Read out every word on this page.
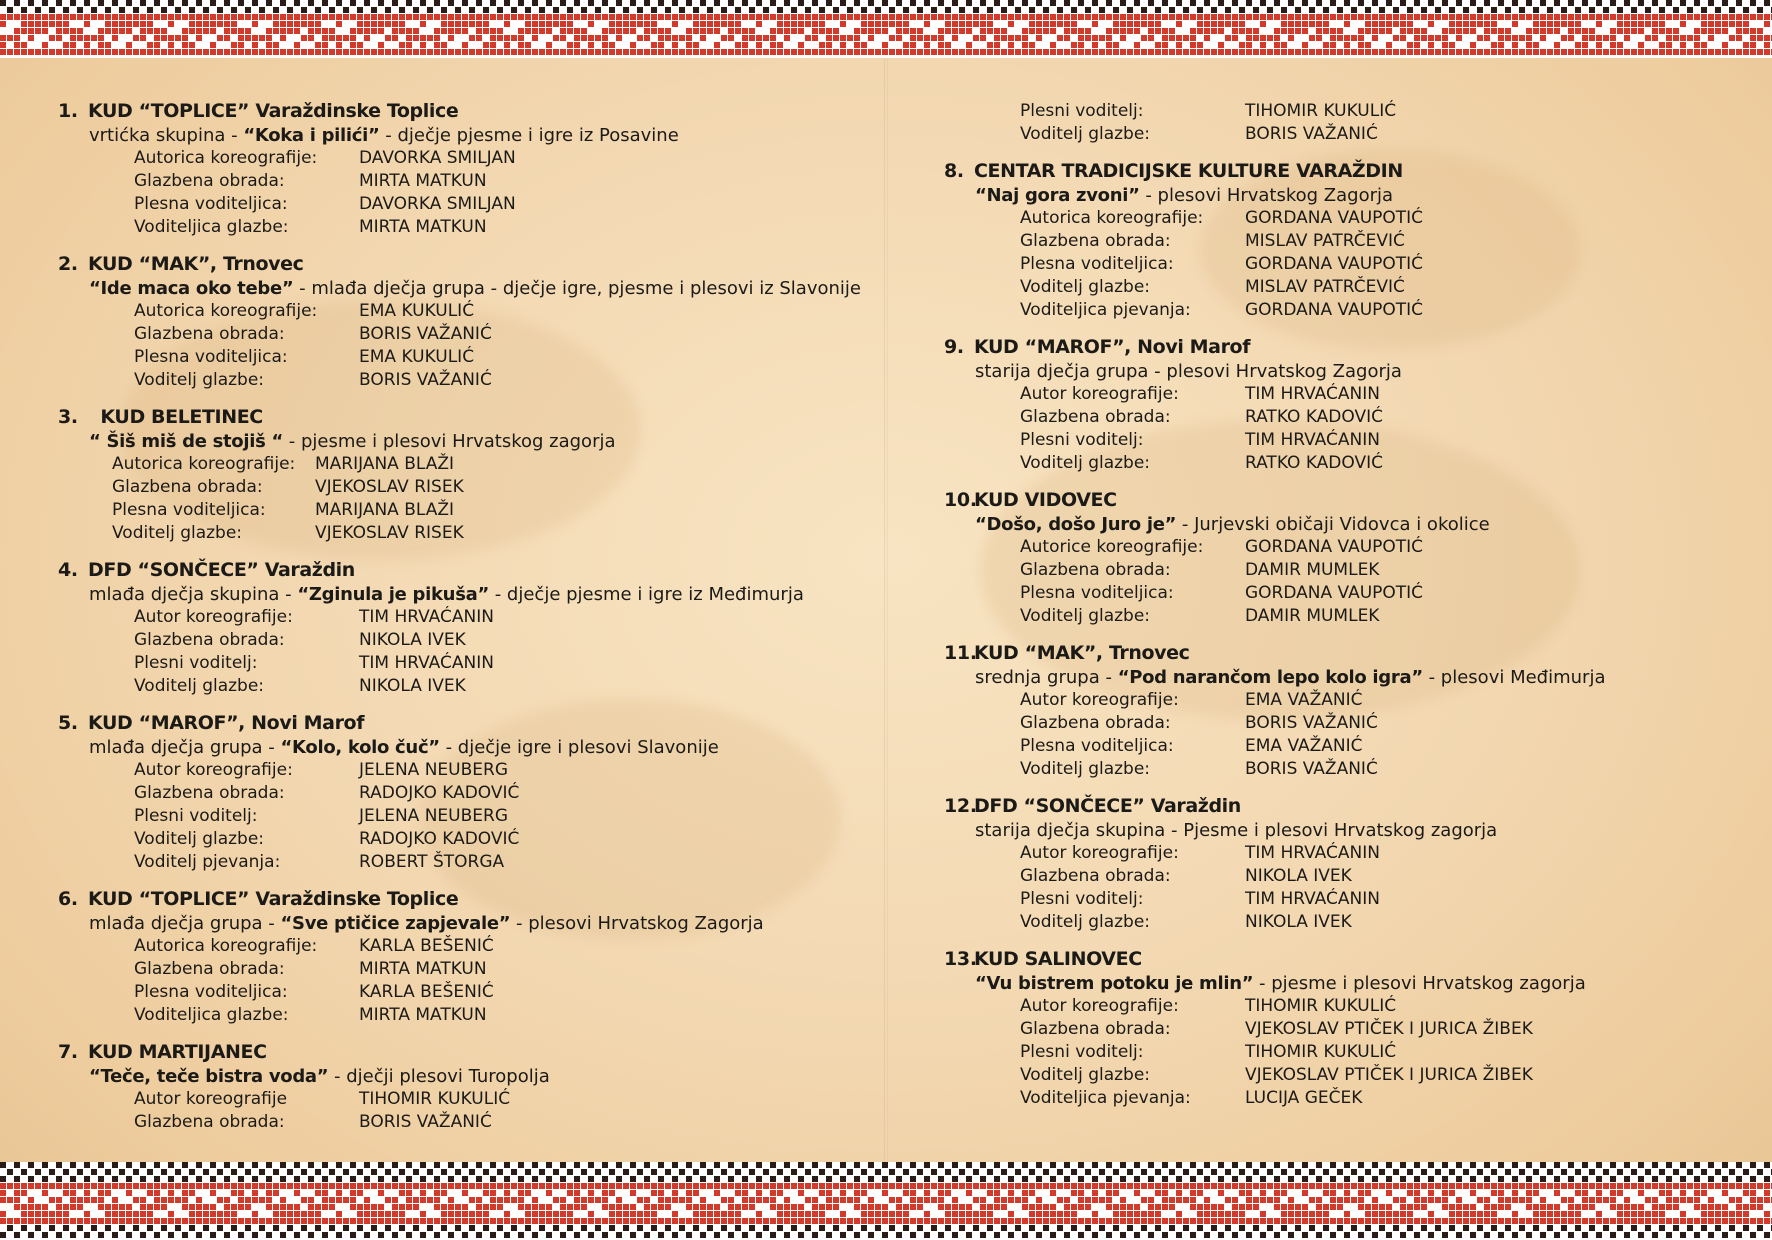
1. KUD “TOPLICE” Varaždinske Toplice
vrtićka skupina - “Koka i pilići” - dječje pjesme i igre iz Posavine
Autorica koreografije:	DAVORKA SMILJAN
Glazbena obrada:	MIRTA MATKUN
Plesna voditeljica:	DAVORKA SMILJAN
Voditeljica glazbe:	MIRTA MATKUN
2. KUD “MAK”, Trnovec
“Ide maca oko tebe” - mlađa dječja grupa - dječje igre, pjesme i plesovi iz Slavonije
Autorica koreografije:	EMA KUKULIĆ
Glazbena obrada:	BORIS VAŽANIĆ
Plesna voditeljica:	EMA KUKULIĆ
Voditelj glazbe:	BORIS VAŽANIĆ
3. KUD BELETINEC
“ Šiš miš de stojiš “ - pjesme i plesovi Hrvatskog zagorja
Autorica koreografije:	MARIJANA BLAŽI
Glazbena obrada:	VJEKOSLAV RISEK
Plesna voditeljica:	MARIJANA BLAŽI
Voditelj glazbe:	VJEKOSLAV RISEK
4. DFD “SONČECE” Varaždin
mlađa dječja skupina - “Zginula je pikuša” - dječje pjesme i igre iz Međimurja
Autor koreografije:	TIM HRVAĆANIN
Glazbena obrada:	NIKOLA IVEK
Plesni voditelj:	TIM HRVAĆANIN
Voditelj glazbe:	NIKOLA IVEK
5. KUD “MAROF”, Novi Marof
mlađa dječja grupa - “Kolo, kolo čuč” - dječje igre i plesovi Slavonije
Autor koreografije:	JELENA NEUBERG
Glazbena obrada:	RADOJKO KADOVIĆ
Plesni voditelj:	JELENA NEUBERG
Voditelj glazbe:	RADOJKO KADOVIĆ
Voditelj pjevanja:	ROBERT ŠTORGA
6. KUD “TOPLICE” Varaždinske Toplice
mlađa dječja grupa - “Sve ptičice zapjevale” - plesovi Hrvatskog Zagorja
Autorica koreografije:	KARLA BEŠENIĆ
Glazbena obrada:	MIRTA MATKUN
Plesna voditeljica:	KARLA BEŠENIĆ
Voditeljica glazbe:	MIRTA MATKUN
7. KUD MARTIJANEC
“Teče, teče bistra voda” - dječji plesovi Turopolja
Autor koreografije	TIHOMIR KUKULIĆ
Glazbena obrada:	BORIS VAŽANIĆ
Plesni voditelj:	TIHOMIR KUKULIĆ
Voditelj glazbe:	BORIS VAŽANIĆ
8. CENTAR TRADICIJSKE KULTURE VARAŽDIN
“Naj gora zvoni” - plesovi Hrvatskog Zagorja
Autorica koreografije:	GORDANA VAUPOTIĆ
Glazbena obrada:	MISLAV PATRČEVIĆ
Plesna voditeljica:	GORDANA VAUPOTIĆ
Voditelj glazbe:	MISLAV PATRČEVIĆ
Voditeljica pjevanja:	GORDANA VAUPOTIĆ
9. KUD “MAROF”, Novi Marof
starija dječja grupa - plesovi Hrvatskog Zagorja
Autor koreografije:	TIM HRVAĆANIN
Glazbena obrada:	RATKO KADOVIĆ
Plesni voditelj:	TIM HRVAĆANIN
Voditelj glazbe:	RATKO KADOVIĆ
10.
KUD VIDOVEC
“Došo, došo Juro je” - Jurjevski običaji Vidovca i okolice
Autorice koreografije:	GORDANA VAUPOTIĆ
Glazbena obrada:	DAMIR MUMLEK
Plesna voditeljica:	GORDANA VAUPOTIĆ
Voditelj glazbe:	DAMIR MUMLEK
11.
KUD “MAK”, Trnovec
srednja grupa - “Pod narančom lepo kolo igra” - plesovi Međimurja
Autor koreografije:	EMA VAŽANIĆ
Glazbena obrada:	BORIS VAŽANIĆ
Plesna voditeljica:	EMA VAŽANIĆ
Voditelj glazbe:	BORIS VAŽANIĆ
12.
DFD “SONČECE” Varaždin
starija dječja skupina - Pjesme i plesovi Hrvatskog zagorja
Autor koreografije:	TIM HRVAĆANIN
Glazbena obrada:	NIKOLA IVEK
Plesni voditelj:	TIM HRVAĆANIN
Voditelj glazbe:	NIKOLA IVEK
13.
KUD SALINOVEC
“Vu bistrem potoku je mlin” - pjesme i plesovi Hrvatskog zagorja
Autor koreografije:	TIHOMIR KUKULIĆ
Glazbena obrada:	VJEKOSLAV PTIČEK I JURICA ŽIBEK
Plesni voditelj:	TIHOMIR KUKULIĆ
Voditelj glazbe:	VJEKOSLAV PTIČEK I JURICA ŽIBEK
Voditeljica pjevanja:	LUCIJA GEČEK
